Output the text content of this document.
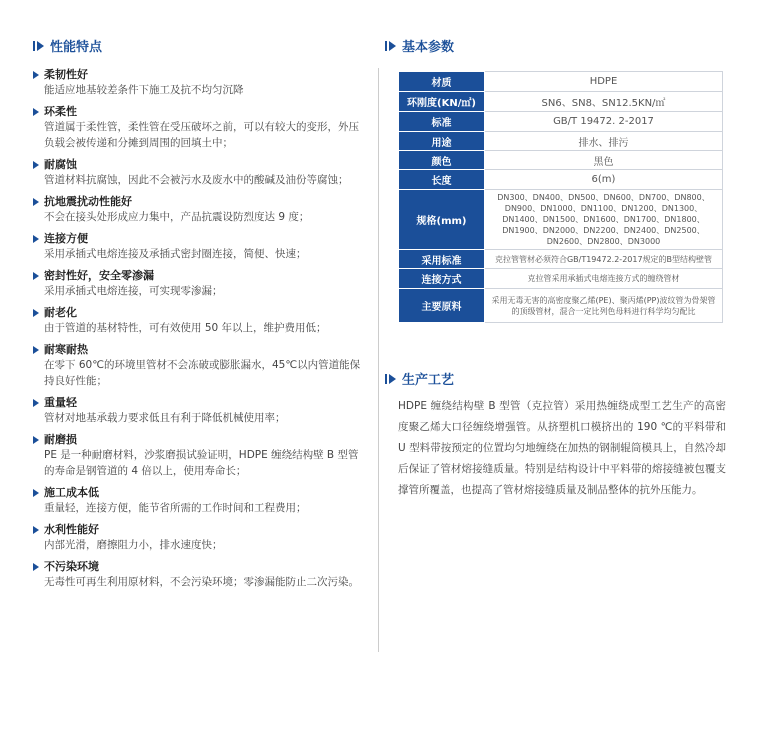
性能特点
柔韧性好
能适应地基较差条件下施工及抗不均匀沉降
环柔性
管道属于柔性管，柔性管在受压破坏之前，可以有较大的变形，外压负载会被传递和分摊到周围的回填土中；
耐腐蚀
管道材料抗腐蚀，因此不会被污水及废水中的酸碱及油份等腐蚀；
抗地震扰动性能好
不会在接头处形成应力集中，产品抗震设防烈度达 9 度；
连接方便
采用承插式电熔连接及承插式密封圈连接，简便、快速；
密封性好，安全零渗漏
采用承插式电熔连接，可实现零渗漏；
耐老化
由于管道的基材特性，可有效使用 50 年以上，维护费用低；
耐寒耐热
在零下 60℃的环境里管材不会冻破或膨胀漏水，45℃以内管道能保持良好性能；
重量轻
管材对地基承载力要求低且有利于降低机械使用率；
耐磨损
PE 是一种耐磨材料，沙浆磨损试验证明，HDPE 缠绕结构壁 B 型管的寿命是钢管道的 4 倍以上，使用寿命长；
施工成本低
重量轻，连接方便，能节省所需的工作时间和工程费用；
水利性能好
内部光滑，磨擦阻力小，排水速度快；
不污染环境
无毒性可再生利用原材料，不会污染环境；零渗漏能防止二次污染。
基本参数
材质	HDPE
环刚度(KN/㎡)	SN6、SN8、SN12.5KN/㎡
标准	GB/T 19472. 2-2017
用途	排水、排污
颜色	黑色
长度	6(m)
规格(mm)	DN300、DN400、DN500、DN600、DN700、DN800、DN900、DN1000、DN1100、DN1200、DN1300、DN1400、DN1500、DN1600、DN1700、DN1800、DN1900、DN2000、DN2200、DN2400、DN2500、DN2600、DN2800、DN3000
采用标准	克拉管管材必须符合GB/T19472.2-2017规定的B型结构壁管
连接方式	克拉管采用承插式电熔连接方式的缠绕管材
主要原料	采用无毒无害的高密度聚乙烯(PE)、聚丙烯(PP)波纹管为骨架管的顶级管材，混合一定比列色母料进行科学均匀配比
生产工艺
HDPE 缠绕结构壁 B 型管（克拉管）采用热缠绕成型工艺生产的高密度聚乙烯大口径缠绕增强管。从挤塑机口模挤出的 190 ℃的平料带和 U 型料带按预定的位置均匀地缠绕在加热的钢制辊筒模具上，自然冷却后保证了管材熔接缝质量。特别是结构设计中平料带的熔接缝被包覆支撑管所覆盖，也提高了管材熔接缝质量及制品整体的抗外压能力。
